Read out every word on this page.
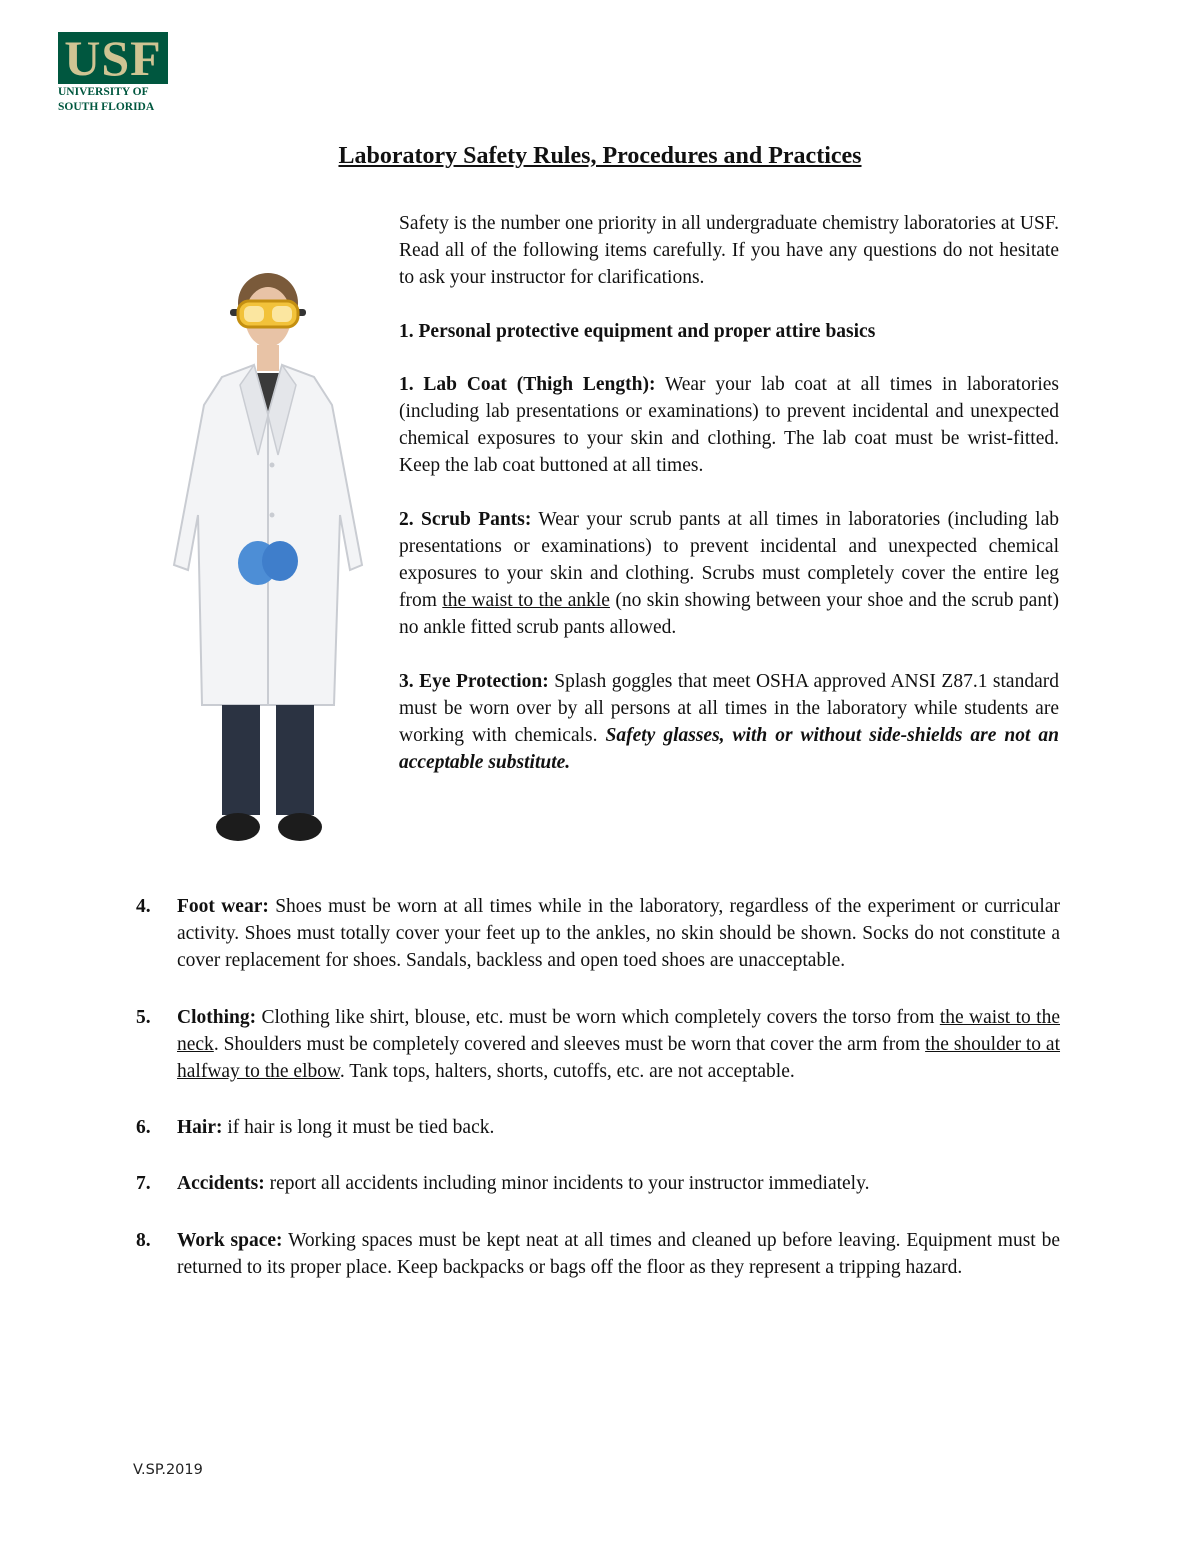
USF
UNIVERSITY OF
SOUTH FLORIDA
Laboratory Safety Rules, Procedures and Practices

Safety is the number one priority in all undergraduate chemistry laboratories at USF. Read all of the following items carefully. If you have any questions do not hesitate to ask your instructor for clarifications.

1. Personal protective equipment and proper attire basics

1. Lab Coat (Thigh Length): Wear your lab coat at all times in laboratories (including lab presentations or examinations) to prevent incidental and unexpected chemical exposures to your skin and clothing. The lab coat must be wrist-fitted. Keep the lab coat buttoned at all times.

2. Scrub Pants: Wear your scrub pants at all times in laboratories (including lab presentations or examinations) to prevent incidental and unexpected chemical exposures to your skin and clothing. Scrubs must completely cover the entire leg from the waist to the ankle (no skin showing between your shoe and the scrub pant) no ankle fitted scrub pants allowed.

3. Eye Protection: Splash goggles that meet OSHA approved ANSI Z87.1 standard must be worn over by all persons at all times in the laboratory while students are working with chemicals. Safety glasses, with or without side-shields are not an acceptable substitute.

4.	Foot wear: Shoes must be worn at all times while in the laboratory, regardless of the experiment or curricular activity. Shoes must totally cover your feet up to the ankles, no skin should be shown. Socks do not constitute a cover replacement for shoes. Sandals, backless and open toed shoes are unacceptable.
5.	Clothing: Clothing like shirt, blouse, etc. must be worn which completely covers the torso from the waist to the neck. Shoulders must be completely covered and sleeves must be worn that cover the arm from the shoulder to at halfway to the elbow. Tank tops, halters, shorts, cutoffs, etc. are not acceptable.
6.	Hair: if hair is long it must be tied back.
7.	Accidents: report all accidents including minor incidents to your instructor immediately.
8.	Work space: Working spaces must be kept neat at all times and cleaned up before leaving. Equipment must be returned to its proper place. Keep backpacks or bags off the floor as they represent a tripping hazard.
V.SP.2019
